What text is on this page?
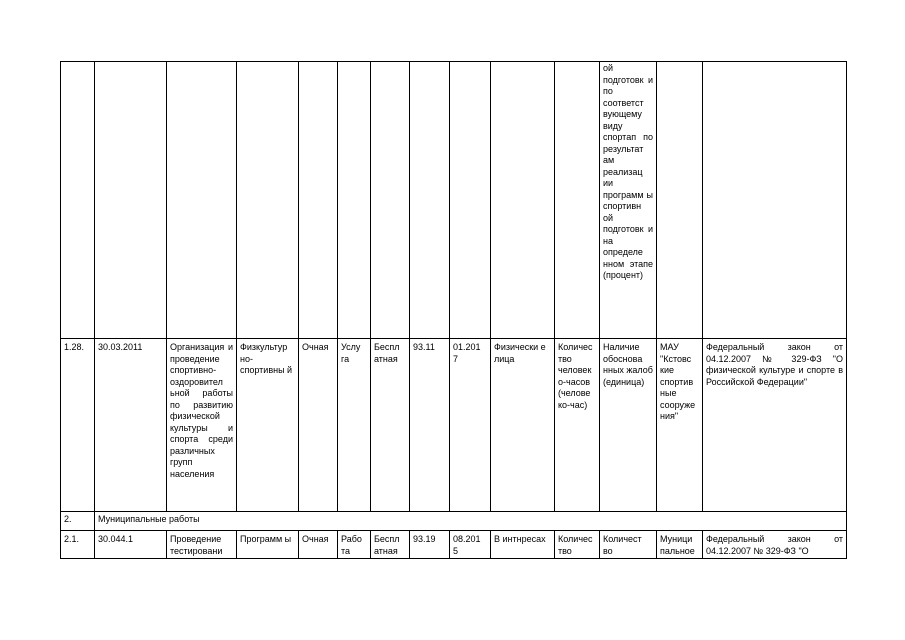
											ой подготовк и по соответст вующему виду спортап по результат ам реализац ии программ ы спортивн ой подготовк и на определе нном этапе (процент)		
1.28.	30.03.2011	Организация и проведение спортивно-оздоровител ьной работы по развитию физической культуры и спорта среди различных групп населения	Физкультур но-спортивны й	Очная	Услу га	Беспл атная	93.11	01.201 7	Физически е лица	Количес тво человек о-часов (челове ко-час)	Наличие обоснова нных жалоб (единица)	МАУ "Кстовс кие спортив ные сооруже ния"	Федеральный закон от 04.12.2007 № 329-ФЗ "О физической культуре и спорте в Российской Федерации"
2.	Муниципальные работы												
2.1.	30.044.1	Проведение тестировани	Программ ы	Очная	Рабо та	Беспл атная	93.19	08.201 5	В интнресах	Количес тво	Количест во	Муници пальное	Федеральный закон от 04.12.2007 № 329-ФЗ "О
